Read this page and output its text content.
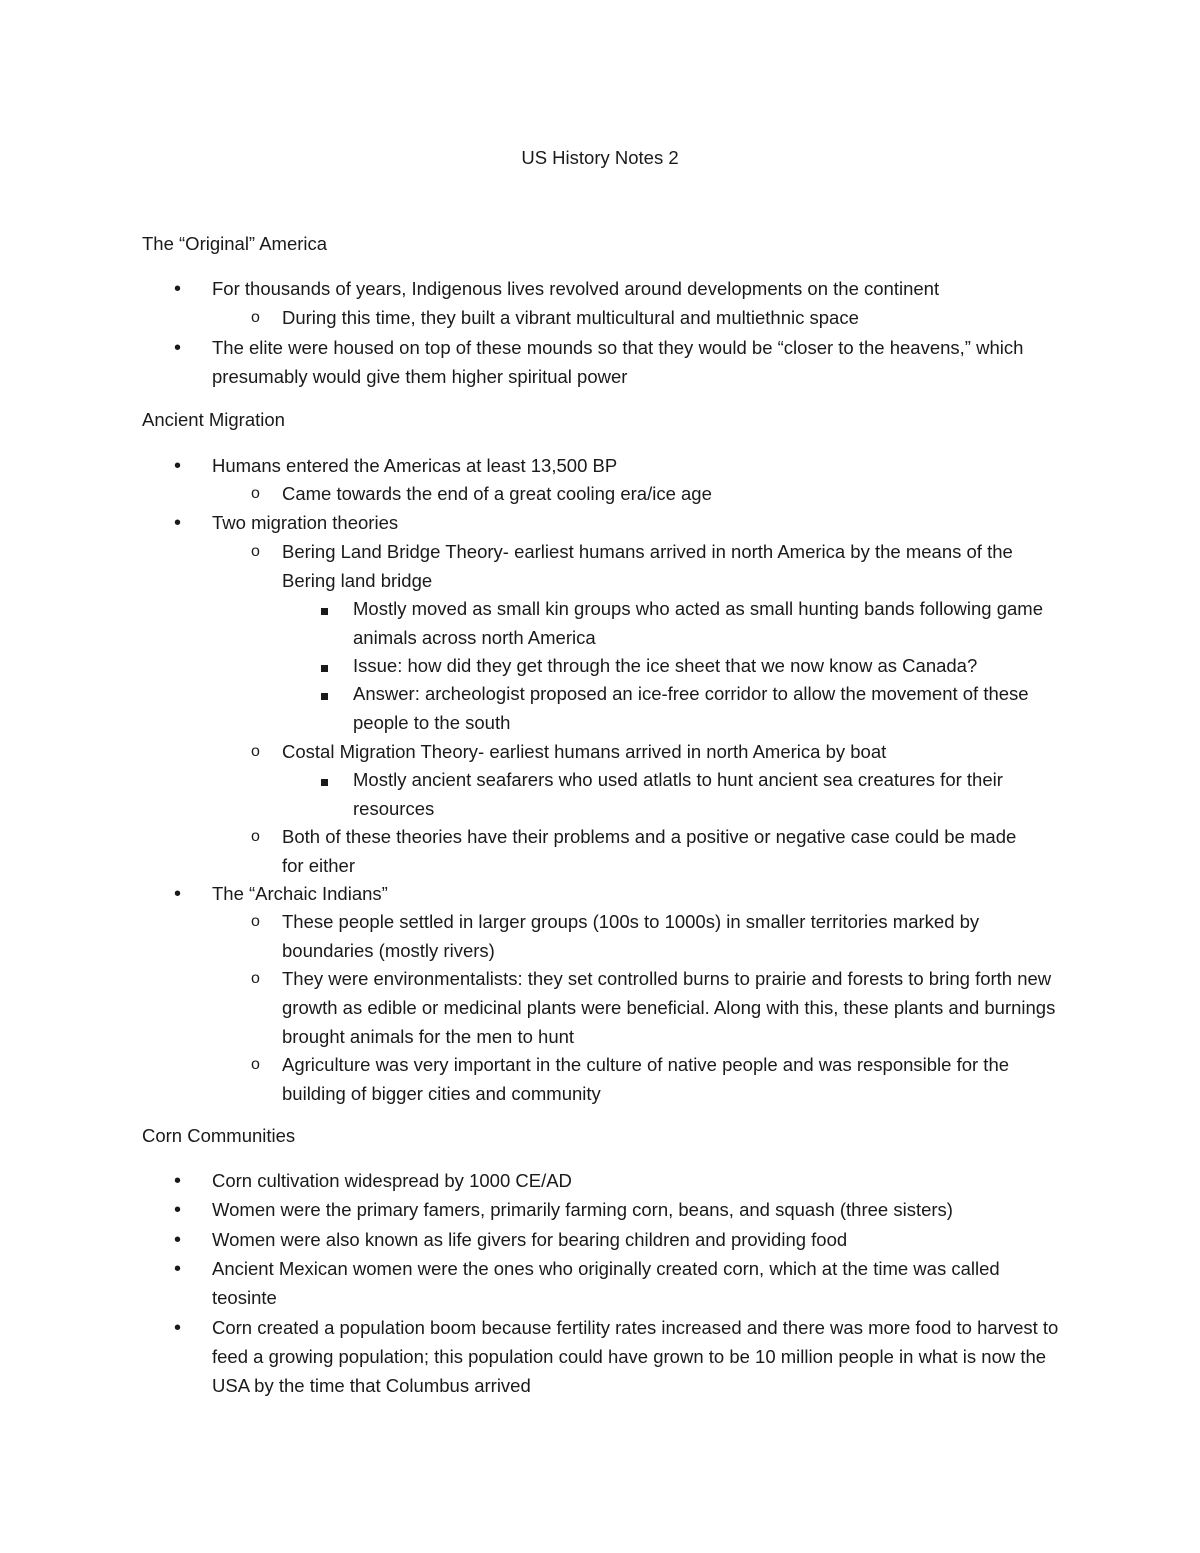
US History Notes 2
The “Original” America
• For thousands of years, Indigenous lives revolved around developments on the continent
o During this time, they built a vibrant multicultural and multiethnic space
• The elite were housed on top of these mounds so that they would be “closer to the heavens,” which presumably would give them higher spiritual power
Ancient Migration
• Humans entered the Americas at least 13,500 BP
o Came towards the end of a great cooling era/ice age
• Two migration theories
o Bering Land Bridge Theory- earliest humans arrived in north America by the means of the Bering land bridge
Mostly moved as small kin groups who acted as small hunting bands following game animals across north America
Issue: how did they get through the ice sheet that we now know as Canada?
Answer: archeologist proposed an ice-free corridor to allow the movement of these people to the south
o Costal Migration Theory- earliest humans arrived in north America by boat
Mostly ancient seafarers who used atlatls to hunt ancient sea creatures for their resources
o Both of these theories have their problems and a positive or negative case could be made for either
• The “Archaic Indians”
o These people settled in larger groups (100s to 1000s) in smaller territories marked by boundaries (mostly rivers)
o They were environmentalists: they set controlled burns to prairie and forests to bring forth new growth as edible or medicinal plants were beneficial. Along with this, these plants and burnings brought animals for the men to hunt
o Agriculture was very important in the culture of native people and was responsible for the building of bigger cities and community
Corn Communities
• Corn cultivation widespread by 1000 CE/AD
• Women were the primary famers, primarily farming corn, beans, and squash (three sisters)
• Women were also known as life givers for bearing children and providing food
• Ancient Mexican women were the ones who originally created corn, which at the time was called teosinte
• Corn created a population boom because fertility rates increased and there was more food to harvest to feed a growing population; this population could have grown to be 10 million people in what is now the USA by the time that Columbus arrived
